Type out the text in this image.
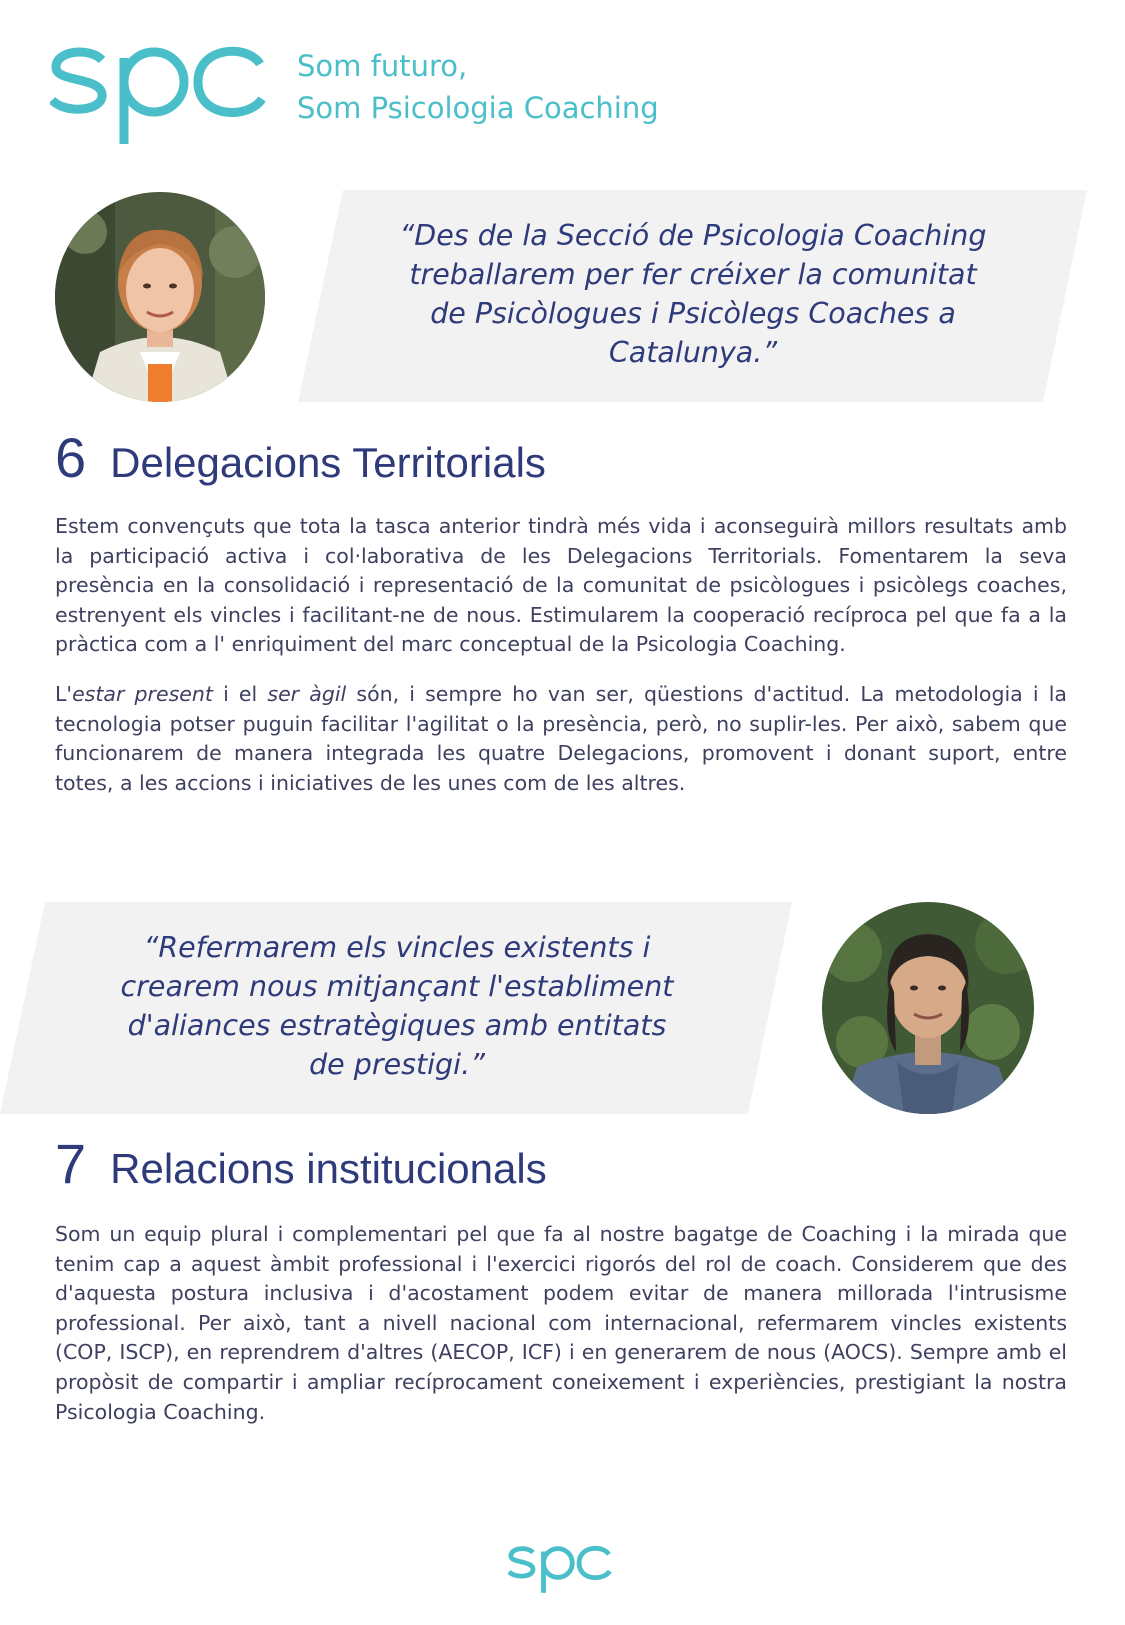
Som futuro,
Som Psicologia Coaching
“Des de la Secció de Psicologia Coaching treballarem per fer créixer la comunitat de Psicòlogues i Psicòlegs Coaches a Catalunya.”
6 Delegacions Territorials

Estem convençuts que tota la tasca anterior tindrà més vida i aconseguirà millors resultats amb la participació activa i col·laborativa de les Delegacions Territorials. Fomentarem la seva presència en la consolidació i representació de la comunitat de psicòlogues i psicòlegs coaches, estrenyent els vincles i facilitant-ne de nous. Estimularem la cooperació recíproca pel que fa a la pràctica com a l' enriquiment del marc conceptual de la Psicologia Coaching.

L'estar present i el ser àgil són, i sempre ho van ser, qüestions d'actitud. La metodologia i la tecnologia potser puguin facilitar l'agilitat o la presència, però, no suplir-les. Per això, sabem que funcionarem de manera integrada les quatre Delegacions, promovent i donant suport, entre totes, a les accions i iniciatives de les unes com de les altres.

“Refermarem els vincles existents i crearem nous mitjançant l'establiment d'aliances estratègiques amb entitats de prestigi.”
7 Relacions institucionals

Som un equip plural i complementari pel que fa al nostre bagatge de Coaching i la mirada que tenim cap a aquest àmbit professional i l'exercici rigorós del rol de coach. Considerem que des d'aquesta postura inclusiva i d'acostament podem evitar de manera millorada l'intrusisme professional. Per això, tant a nivell nacional com internacional, refermarem vincles existents (COP, ISCP), en reprendrem d'altres (AECOP, ICF) i en generarem de nous (AOCS). Sempre amb el propòsit de compartir i ampliar recíprocament coneixement i experiències, prestigiant la nostra Psicologia Coaching.
